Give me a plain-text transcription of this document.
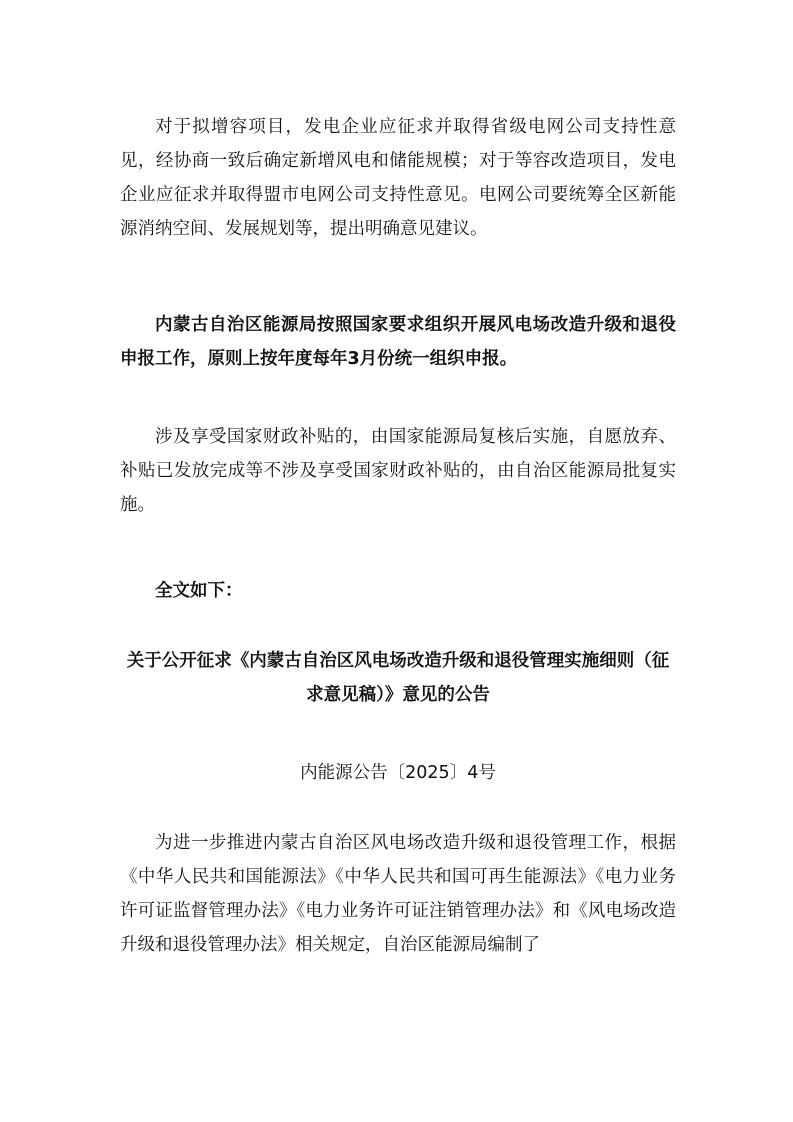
对于拟增容项目，发电企业应征求并取得省级电网公司支持性意见，经协商一致后确定新增风电和储能规模；对于等容改造项目，发电企业应征求并取得盟市电网公司支持性意见。电网公司要统筹全区新能源消纳空间、发展规划等，提出明确意见建议。

内蒙古自治区能源局按照国家要求组织开展风电场改造升级和退役申报工作，原则上按年度每年3月份统一组织申报。

涉及享受国家财政补贴的，由国家能源局复核后实施，自愿放弃、补贴已发放完成等不涉及享受国家财政补贴的，由自治区能源局批复实施。

全文如下：

关于公开征求《内蒙古自治区风电场改造升级和退役管理实施细则（征求意见稿）》意见的公告

内能源公告〔2025〕4号

为进一步推进内蒙古自治区风电场改造升级和退役管理工作，根据《中华人民共和国能源法》《中华人民共和国可再生能源法》《电力业务许可证监督管理办法》《电力业务许可证注销管理办法》和《风电场改造升级和退役管理办法》相关规定，自治区能源局编制了
